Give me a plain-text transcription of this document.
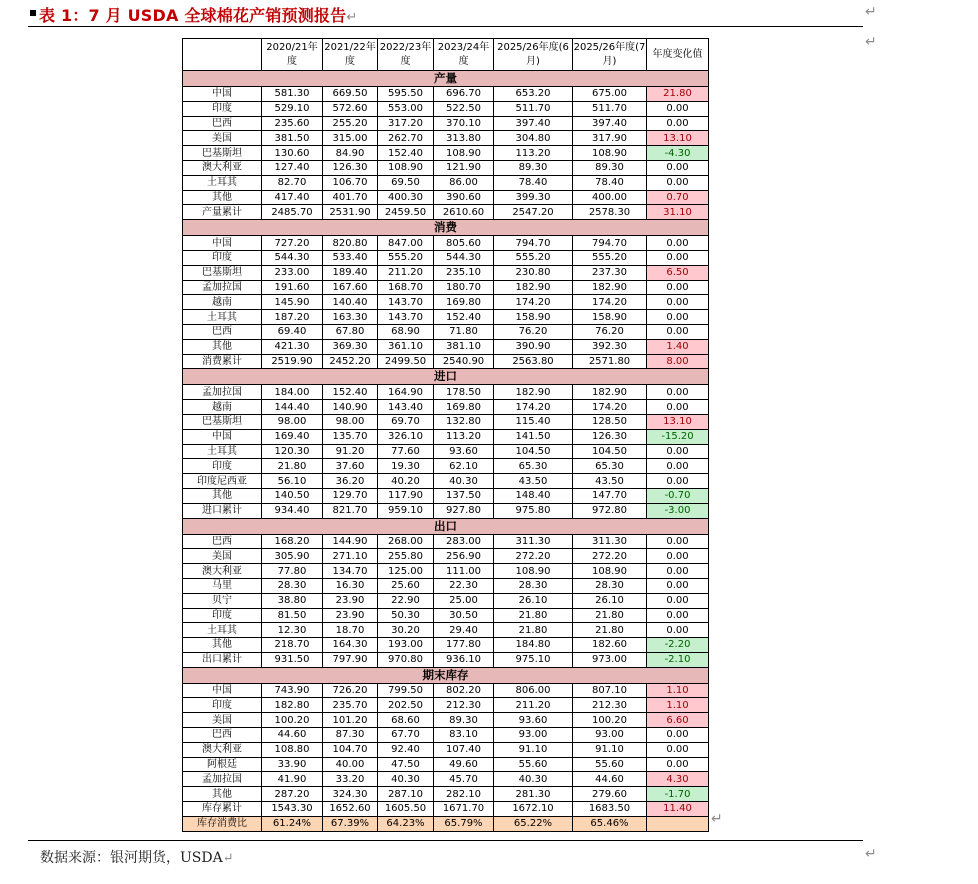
表 1：7 月 USDA 全球棉花产销预测报告↵	↵
↵
↵
	2020/21年度	2021/22年度	2022/23年度	2023/24年度	2025/26年度(6月)	2025/26年度(7月)	年度变化值
产量							
中国	581.30	669.50	595.50	696.70	653.20	675.00	21.80
印度	529.10	572.60	553.00	522.50	511.70	511.70	0.00
巴西	235.60	255.20	317.20	370.10	397.40	397.40	0.00
美国	381.50	315.00	262.70	313.80	304.80	317.90	13.10
巴基斯坦	130.60	84.90	152.40	108.90	113.20	108.90	-4.30
澳大利亚	127.40	126.30	108.90	121.90	89.30	89.30	0.00
土耳其	82.70	106.70	69.50	86.00	78.40	78.40	0.00
其他	417.40	401.70	400.30	390.60	399.30	400.00	0.70
产量累计	2485.70	2531.90	2459.50	2610.60	2547.20	2578.30	31.10
消费							
中国	727.20	820.80	847.00	805.60	794.70	794.70	0.00
印度	544.30	533.40	555.20	544.30	555.20	555.20	0.00
巴基斯坦	233.00	189.40	211.20	235.10	230.80	237.30	6.50
孟加拉国	191.60	167.60	168.70	180.70	182.90	182.90	0.00
越南	145.90	140.40	143.70	169.80	174.20	174.20	0.00
土耳其	187.20	163.30	143.70	152.40	158.90	158.90	0.00
巴西	69.40	67.80	68.90	71.80	76.20	76.20	0.00
其他	421.30	369.30	361.10	381.10	390.90	392.30	1.40
消费累计	2519.90	2452.20	2499.50	2540.90	2563.80	2571.80	8.00
进口							
孟加拉国	184.00	152.40	164.90	178.50	182.90	182.90	0.00
越南	144.40	140.90	143.40	169.80	174.20	174.20	0.00
巴基斯坦	98.00	98.00	69.70	132.80	115.40	128.50	13.10
中国	169.40	135.70	326.10	113.20	141.50	126.30	-15.20
土耳其	120.30	91.20	77.60	93.60	104.50	104.50	0.00
印度	21.80	37.60	19.30	62.10	65.30	65.30	0.00
印度尼西亚	56.10	36.20	40.20	40.30	43.50	43.50	0.00
其他	140.50	129.70	117.90	137.50	148.40	147.70	-0.70
进口累计	934.40	821.70	959.10	927.80	975.80	972.80	-3.00
出口							
巴西	168.20	144.90	268.00	283.00	311.30	311.30	0.00
美国	305.90	271.10	255.80	256.90	272.20	272.20	0.00
澳大利亚	77.80	134.70	125.00	111.00	108.90	108.90	0.00
马里	28.30	16.30	25.60	22.30	28.30	28.30	0.00
贝宁	38.80	23.90	22.90	25.00	26.10	26.10	0.00
印度	81.50	23.90	50.30	30.50	21.80	21.80	0.00
土耳其	12.30	18.70	30.20	29.40	21.80	21.80	0.00
其他	218.70	164.30	193.00	177.80	184.80	182.60	-2.20
出口累计	931.50	797.90	970.80	936.10	975.10	973.00	-2.10
期末库存							
中国	743.90	726.20	799.50	802.20	806.00	807.10	1.10
印度	182.80	235.70	202.50	212.30	211.20	212.30	1.10
美国	100.20	101.20	68.60	89.30	93.60	100.20	6.60
巴西	44.60	87.30	67.70	83.10	93.00	93.00	0.00
澳大利亚	108.80	104.70	92.40	107.40	91.10	91.10	0.00
阿根廷	33.90	40.00	47.50	49.60	55.60	55.60	0.00
孟加拉国	41.90	33.20	40.30	45.70	40.30	44.60	4.30
其他	287.20	324.30	287.10	282.10	281.30	279.60	-1.70
库存累计	1543.30	1652.60	1605.50	1671.70	1672.10	1683.50	11.40
库存消费比	61.24%	67.39%	64.23%	65.79%	65.22%	65.46%	
数据来源：银河期货，USDA↵	↵
